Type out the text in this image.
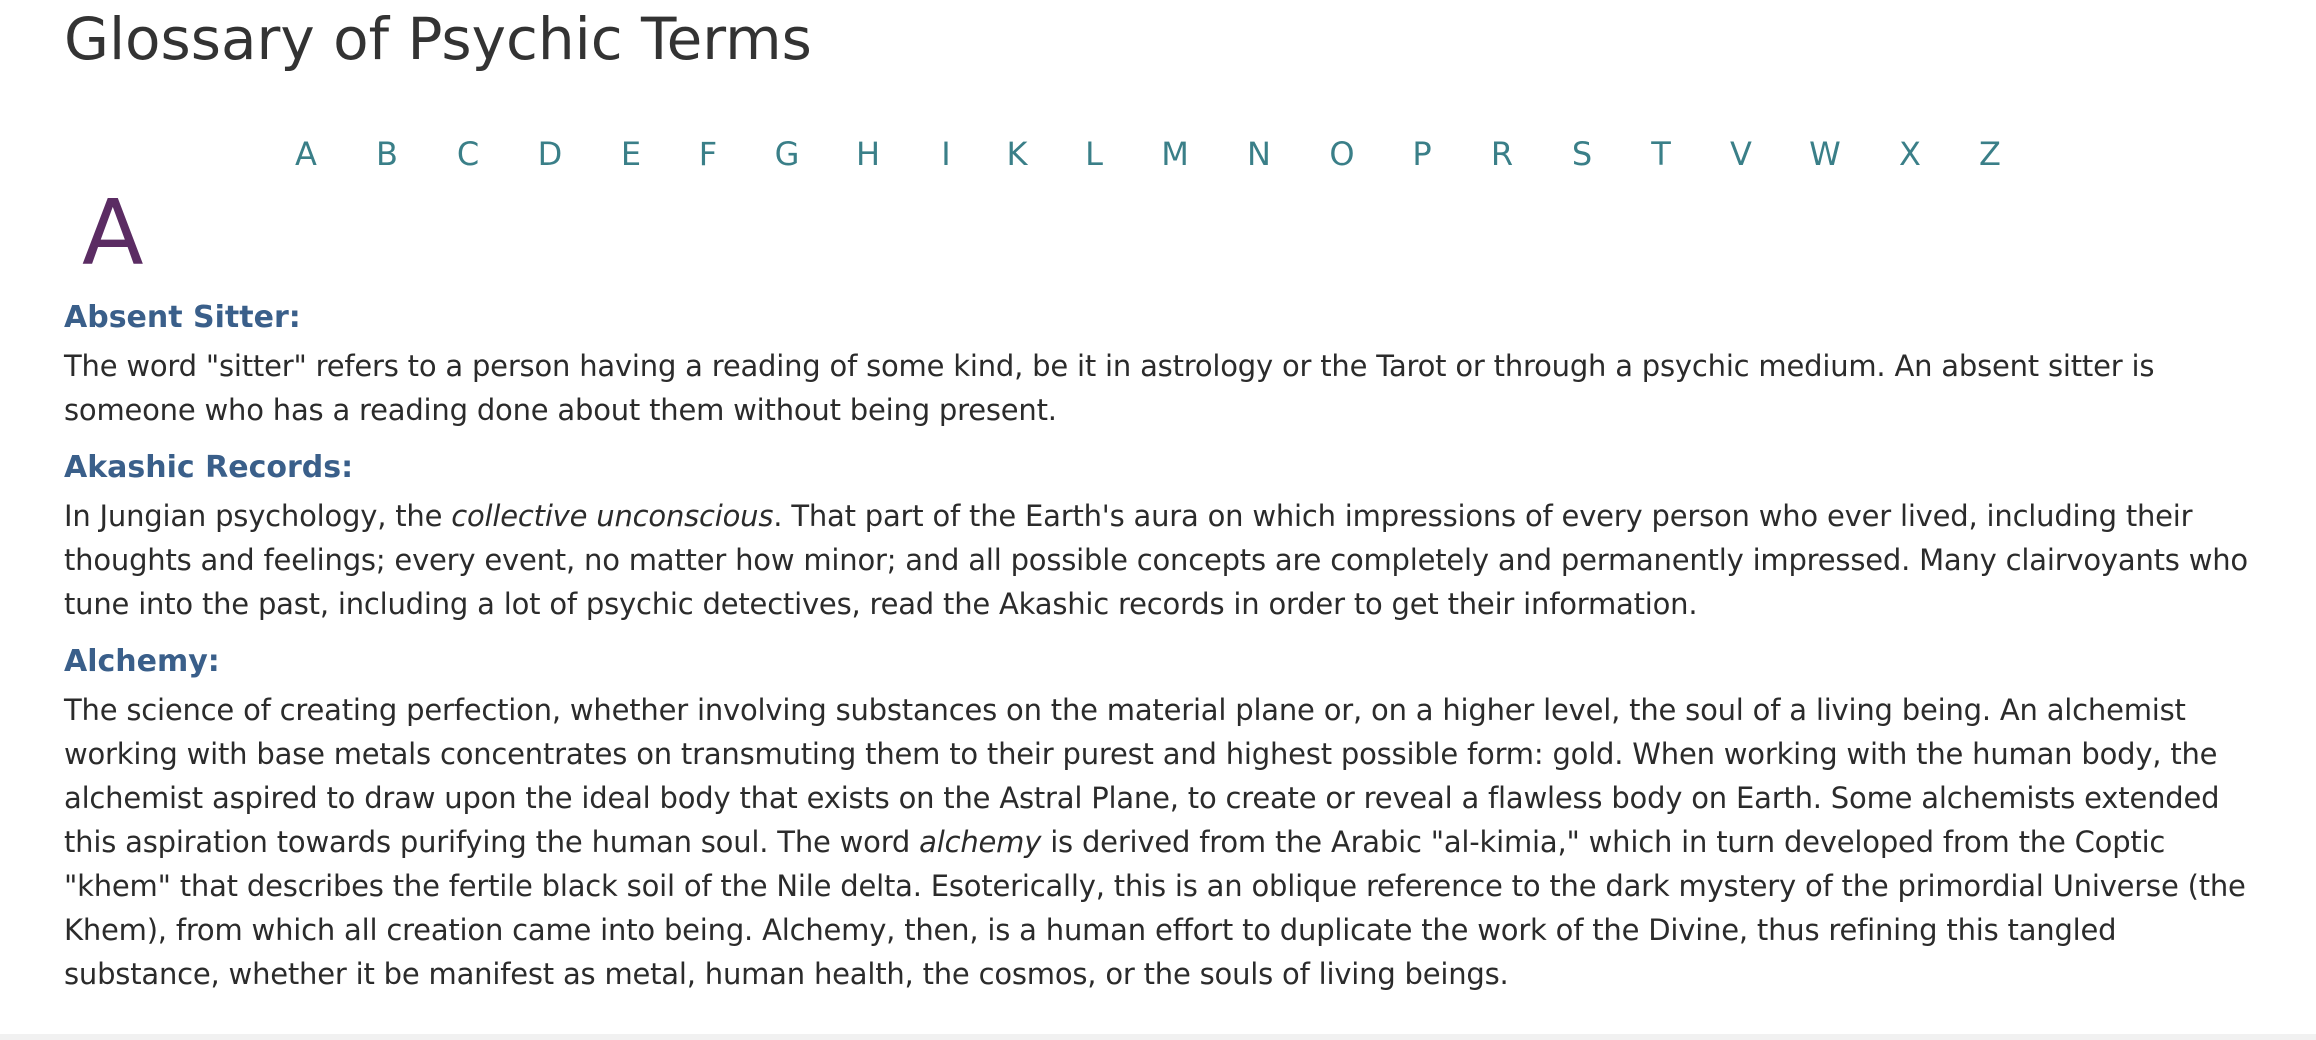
Glossary of Psychic Terms
A B C D E F G H I K L M N O P R S T V W X Z
A
Absent Sitter:

The word "sitter" refers to a person having a reading of some kind, be it in astrology or the Tarot or through a psychic medium. An absent sitter is someone who has a reading done about them without being present.

Akashic Records:

In Jungian psychology, the collective unconscious. That part of the Earth's aura on which impressions of every person who ever lived, including their thoughts and feelings; every event, no matter how minor; and all possible concepts are completely and permanently impressed. Many clairvoyants who tune into the past, including a lot of psychic detectives, read the Akashic records in order to get their information.

Alchemy:

The science of creating perfection, whether involving substances on the material plane or, on a higher level, the soul of a living being. An alchemist working with base metals concentrates on transmuting them to their purest and highest possible form: gold. When working with the human body, the alchemist aspired to draw upon the ideal body that exists on the Astral Plane, to create or reveal a flawless body on Earth. Some alchemists extended this aspiration towards purifying the human soul. The word alchemy is derived from the Arabic "al-kimia," which in turn developed from the Coptic "khem" that describes the fertile black soil of the Nile delta. Esoterically, this is an oblique reference to the dark mystery of the primordial Universe (the Khem), from which all creation came into being. Alchemy, then, is a human effort to duplicate the work of the Divine, thus refining this tangled substance, whether it be manifest as metal, human health, the cosmos, or the souls of living beings.
